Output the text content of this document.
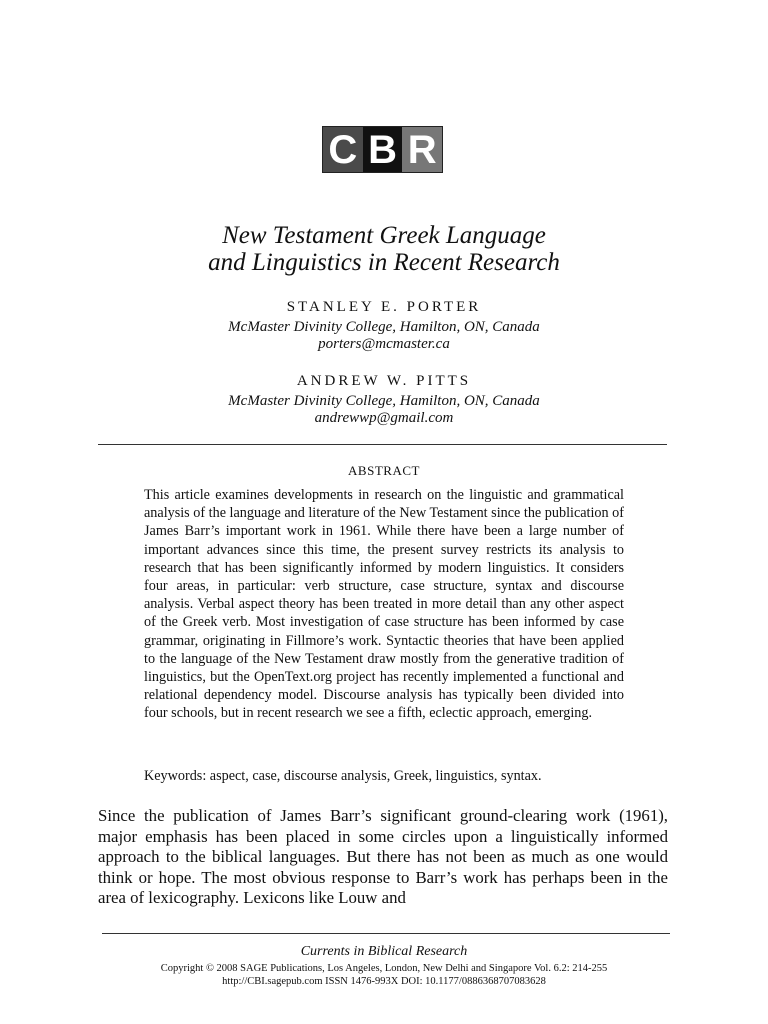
C B R
New Testament Greek Language
and Linguistics in Recent Research
STANLEY E. PORTER
McMaster Divinity College, Hamilton, ON, Canada
porters@mcmaster.ca
ANDREW W. PITTS
McMaster Divinity College, Hamilton, ON, Canada
andrewwp@gmail.com
ABSTRACT

This article examines developments in research on the linguistic and grammatical analysis of the language and literature of the New Testament since the publication of James Barr’s important work in 1961. While there have been a large number of important advances since this time, the present survey restricts its analysis to research that has been significantly informed by modern linguistics. It considers four areas, in particular: verb structure, case structure, syntax and discourse analysis. Verbal aspect theory has been treated in more detail than any other aspect of the Greek verb. Most investigation of case structure has been informed by case grammar, originating in Fillmore’s work. Syntactic theories that have been applied to the language of the New Testament draw mostly from the generative tradition of linguistics, but the OpenText.org project has recently implemented a functional and relational dependency model. Discourse analysis has typically been divided into four schools, but in recent research we see a fifth, eclectic approach, emerging.

Keywords: aspect, case, discourse analysis, Greek, linguistics, syntax.

Since the publication of James Barr’s significant ground-clearing work (1961), major emphasis has been placed in some circles upon a linguistically informed approach to the biblical languages. But there has not been as much as one would think or hope. The most obvious response to Barr’s work has perhaps been in the area of lexicography. Lexicons like Louw and

Currents in Biblical Research
Copyright © 2008 SAGE Publications, Los Angeles, London, New Delhi and Singapore Vol. 6.2: 214-255
http://CBI.sagepub.com ISSN 1476-993X DOI: 10.1177/0886368707083628
